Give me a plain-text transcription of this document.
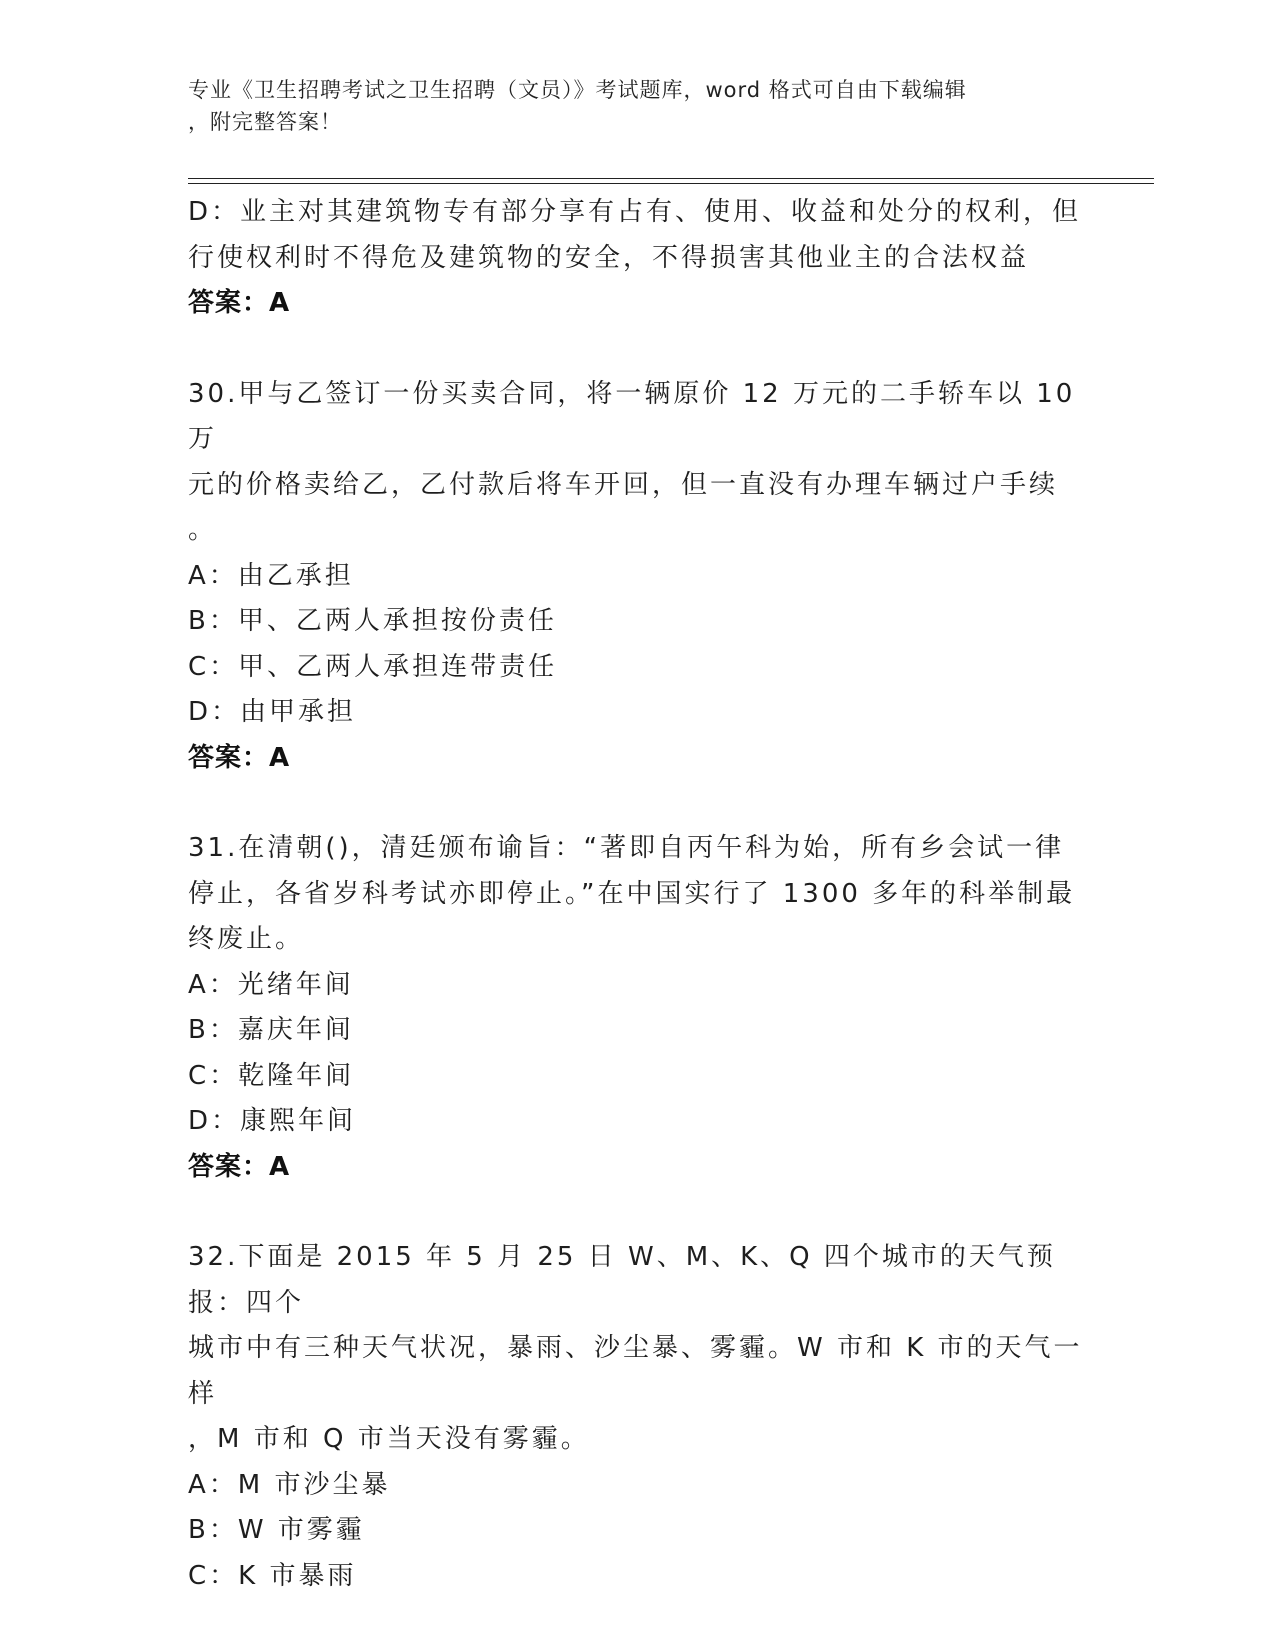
专业《卫生招聘考试之卫生招聘（文员）》考试题库，word 格式可自由下载编辑
，附完整答案！
D：业主对其建筑物专有部分享有占有、使用、收益和处分的权利，但
行使权利时不得危及建筑物的安全，不得损害其他业主的合法权益
答案：A
30.甲与乙签订一份买卖合同，将一辆原价 12 万元的二手轿车以 10 万
元的价格卖给乙，乙付款后将车开回，但一直没有办理车辆过户手续
。
A：由乙承担
B：甲、乙两人承担按份责任
C：甲、乙两人承担连带责任
D：由甲承担
答案：A
31.在清朝()，清廷颁布谕旨：“著即自丙午科为始，所有乡会试一律
停止，各省岁科考试亦即停止。”在中国实行了 1300 多年的科举制最
终废止。
A：光绪年间
B：嘉庆年间
C：乾隆年间
D：康熙年间
答案：A
32.下面是 2015 年 5 月 25 日 W、M、K、Q 四个城市的天气预报：四个
城市中有三种天气状况，暴雨、沙尘暴、雾霾。W 市和 K 市的天气一样
，M 市和 Q 市当天没有雾霾。
A：M 市沙尘暴
B：W 市雾霾
C：K 市暴雨
